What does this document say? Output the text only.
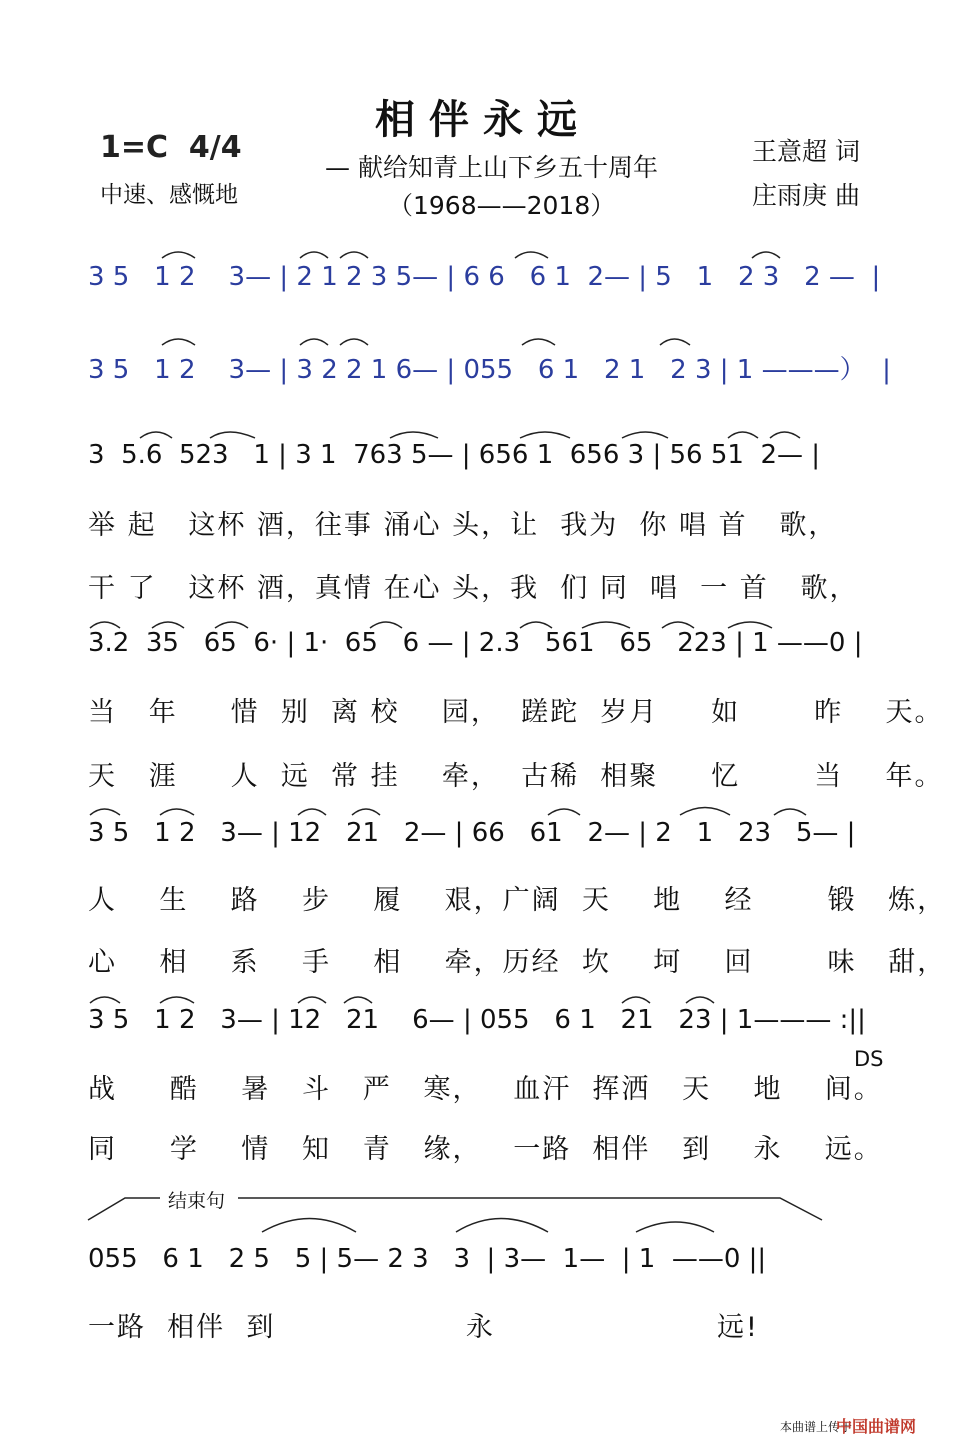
相伴永远
1=C  4/4
中速、感慨地
— 献给知青上山下乡五十周年
（1968——2018）
王意超 词
庄雨庚 曲
3 5   1 2    3— | 2 1 2 3 5— | 6 6   6 1  2— | 5   1   2 3   2 —  |
3 5   1 2    3— | 3 2 2 1 6— | 055   6 1   2 1   2 3 | 1 ———）  |
3  5.6  523   1 | 3 1  763 5— | 656 1  656 3 | 56 51  2— |
举 起   这杯 酒，往事 涌心 头，让  我为  你 唱 首   歌，
干 了   这杯 酒，真情 在心 头，我  们 同  唱  一 首   歌，
3.2  35   65  6· | 1·  65   6 — | 2.3   561   65   223 | 1 ——0 |
当   年     惜  别  离 校    园，  蹉跎  岁月     如       昨    天。
天   涯     人  远  常 挂    牵，  古稀  相聚     忆       当    年。
3 5   1 2   3— | 12   21   2— | 66   61   2— | 2   1   23   5— |
人    生    路    步    履    艰，广阔  天    地    经       锻   炼，
心    相    系    手    相    牵，历经  坎    坷    回       味   甜，
3 5   1 2   3— | 12   21    6— | 055   6 1   21   23 | 1——— :||
DS
战     酷    暑   斗   严   寒，   血汗  挥洒   天    地    间。
同     学    情   知   青   缘，   一路  相伴   到    永    远。
结束句
055   6 1   2 5   5 | 5— 2 3   3  | 3—  1—  | 1  ——0 ||
一路  相伴  到                  永                     远!
本曲谱上传于
中国曲谱网
